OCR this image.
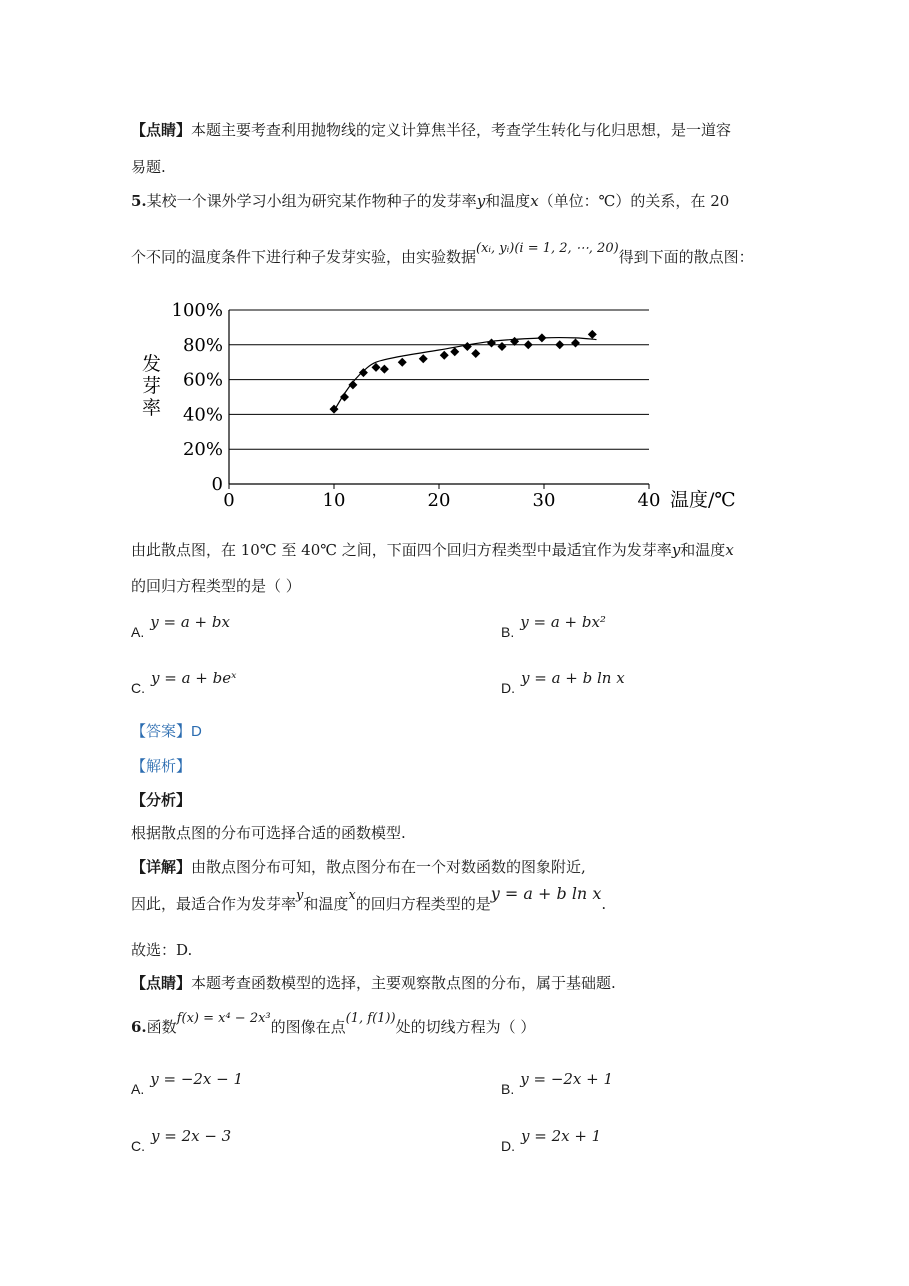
【点睛】本题主要考查利用抛物线的定义计算焦半径，考查学生转化与化归思想，是一道容
易题.
5.某校一个课外学习小组为研究某作物种子的发芽率y和温度x（单位：℃）的关系，在 20
个不同的温度条件下进行种子发芽实验，由实验数据(xᵢ, yᵢ)(i = 1, 2, ⋯, 20)得到下面的散点图：
0
20%
40%
60%
80%
100%
0	10	20	30	40
发芽率
温度/℃
由此散点图，在 10℃ 至 40℃ 之间，下面四个回归方程类型中最适宜作为发芽率y和温度x
的回归方程类型的是（ ）
A.y = a + bx
B.y = a + bx²
C.y = a + beˣ
D.y = a + b ln x
【答案】D
【解析】
【分析】
根据散点图的分布可选择合适的函数模型.
【详解】由散点图分布可知，散点图分布在一个对数函数的图象附近,
因此，最适合作为发芽率y和温度x的回归方程类型的是y = a + b ln x.
故选：D.
【点睛】本题考查函数模型的选择，主要观察散点图的分布，属于基础题.
6.函数f(x) = x⁴ − 2x³的图像在点(1, f(1))处的切线方程为（ ）
A.y = −2x − 1
B.y = −2x + 1
C.y = 2x − 3
D.y = 2x + 1
